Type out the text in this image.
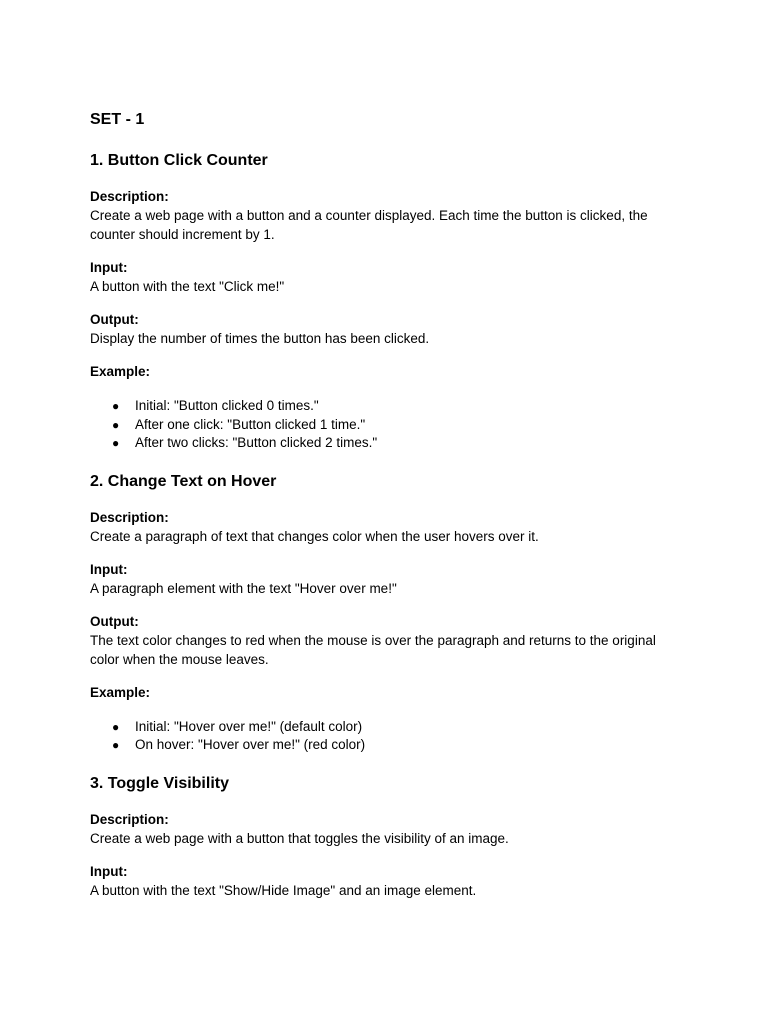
SET - 1
1. Button Click Counter

Description:

Create a web page with a button and a counter displayed. Each time the button is clicked, the counter should increment by 1.

Input:

A button with the text "Click me!"

Output:

Display the number of times the button has been clicked.

Example:

● Initial: "Button clicked 0 times."
● After one click: "Button clicked 1 time."
● After two clicks: "Button clicked 2 times."
2. Change Text on Hover

Description:

Create a paragraph of text that changes color when the user hovers over it.

Input:

A paragraph element with the text "Hover over me!"

Output:

The text color changes to red when the mouse is over the paragraph and returns to the original color when the mouse leaves.

Example:

● Initial: "Hover over me!" (default color)
● On hover: "Hover over me!" (red color)
3. Toggle Visibility

Description:

Create a web page with a button that toggles the visibility of an image.

Input:

A button with the text "Show/Hide Image" and an image element.
